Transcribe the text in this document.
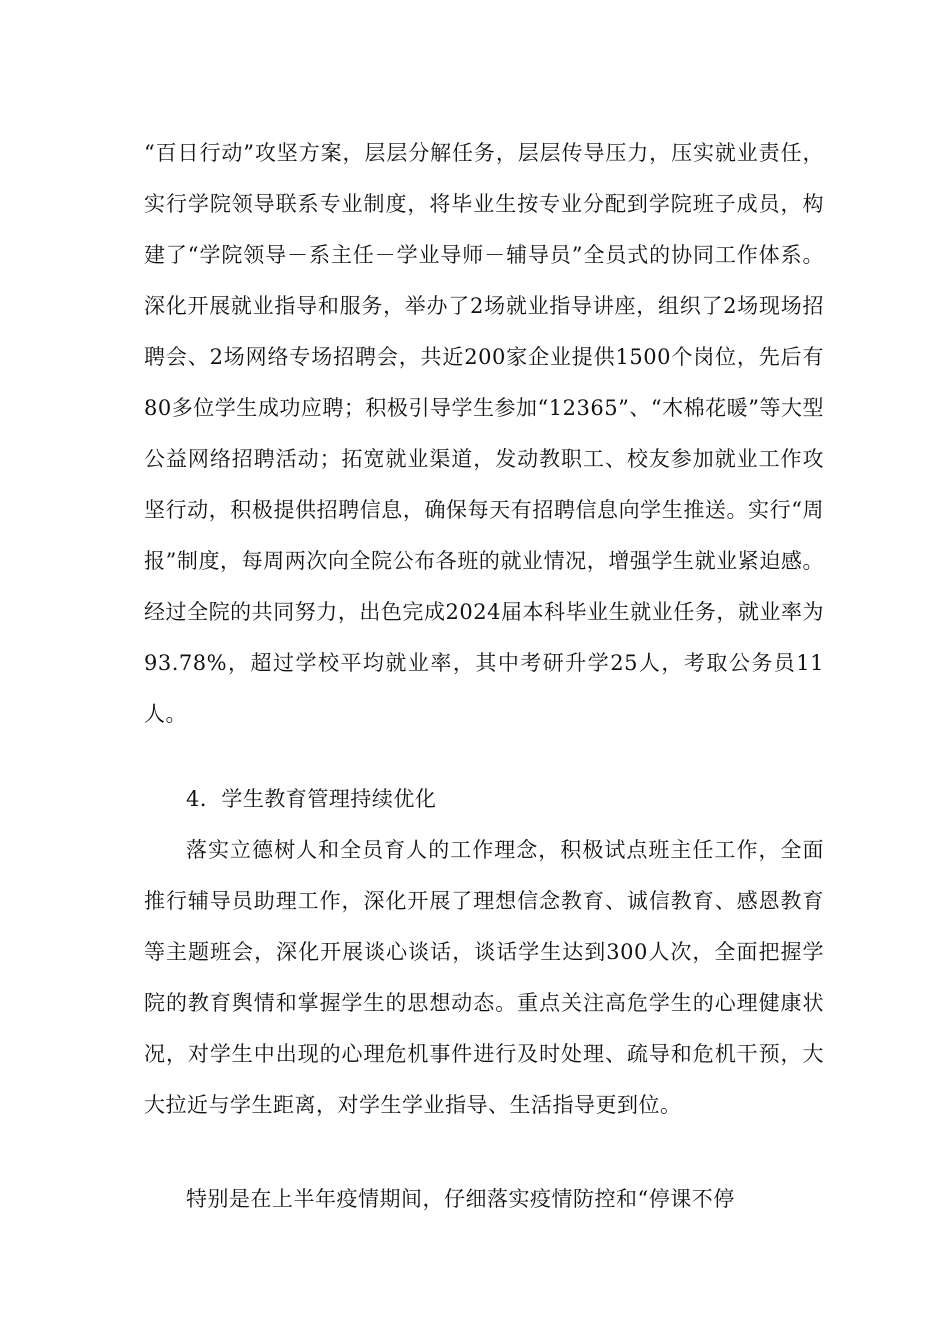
“百日行动”攻坚方案，层层分解任务，层层传导压力，压实就业责任，实行学院领导联系专业制度，将毕业生按专业分配到学院班子成员，构建了“学院领导－系主任－学业导师－辅导员”全员式的协同工作体系。深化开展就业指导和服务，举办了2场就业指导讲座，组织了2场现场招聘会、2场网络专场招聘会，共近200家企业提供1500个岗位，先后有80多位学生成功应聘；积极引导学生参加“12365”、“木棉花暖”等大型公益网络招聘活动；拓宽就业渠道，发动教职工、校友参加就业工作攻坚行动，积极提供招聘信息，确保每天有招聘信息向学生推送。实行“周报”制度，每周两次向全院公布各班的就业情况，增强学生就业紧迫感。经过全院的共同努力，出色完成2024届本科毕业生就业任务，就业率为93.78%，超过学校平均就业率，其中考研升学25人，考取公务员11人。

4．学生教育管理持续优化

落实立德树人和全员育人的工作理念，积极试点班主任工作，全面推行辅导员助理工作，深化开展了理想信念教育、诚信教育、感恩教育等主题班会，深化开展谈心谈话，谈话学生达到300人次，全面把握学院的教育舆情和掌握学生的思想动态。重点关注高危学生的心理健康状况，对学生中出现的心理危机事件进行及时处理、疏导和危机干预，大大拉近与学生距离，对学生学业指导、生活指导更到位。

特别是在上半年疫情期间，仔细落实疫情防控和“停课不停
